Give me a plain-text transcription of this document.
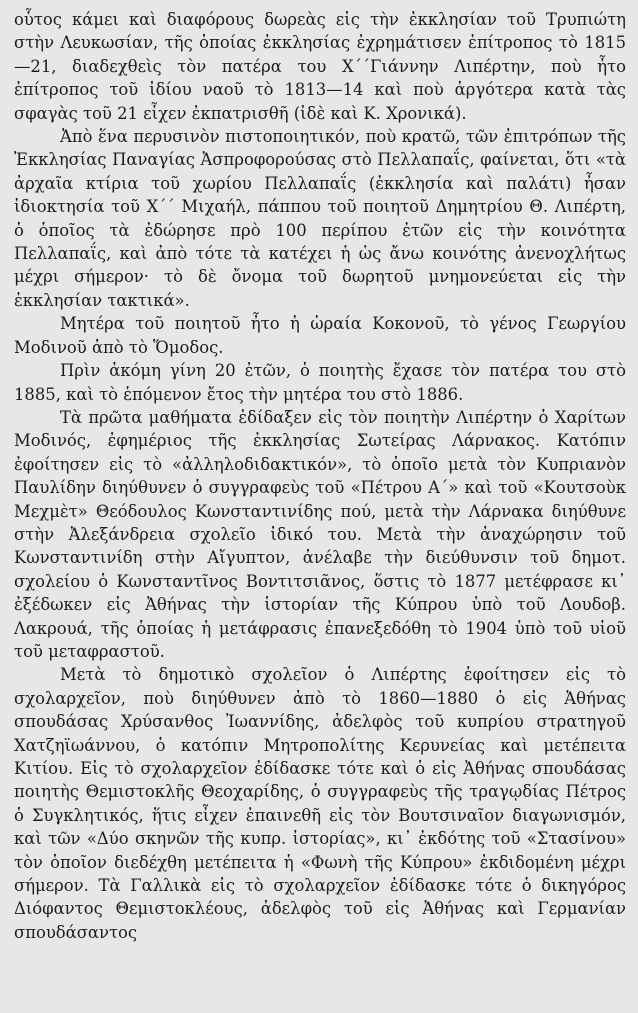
οὗτος κάμει καὶ διαφόρους δωρεὰς εἰς τὴν ἐκκλησίαν τοῦ Τρυπιώτη στὴν Λευκωσίαν, τῆς ὁποίας ἐκκλησίας ἐχρημάτισεν ἐπίτροπος τὸ 1815—21, διαδεχθεὶς τὸν πατέρα του Χ΄΄Γιάννην Λιπέρτην, ποὺ ἦτο ἐπίτροπος τοῦ ἰδίου ναοῦ τὸ 1813—14 καὶ ποὺ ἀργότερα κατὰ τὰς σφαγὰς τοῦ 21 εἶχεν ἐκπατρισθῆ (ἰδὲ καὶ Κ. Χρονικά).

Ἀπὸ ἕνα περυσινὸν πιστοποιητικόν, ποὺ κρατῶ, τῶν ἐπιτρόπων τῆς Ἐκκλησίας Παναγίας Ἀσπροφορούσας στὸ Πελλαπαΐς, φαίνεται, ὅτι «τὰ ἀρχαῖα κτίρια τοῦ χωρίου Πελλαπαΐς (ἐκκλησία καὶ παλάτι) ἦσαν ἰδιοκτησία τοῦ Χ΄΄ Μιχαήλ, πάππου τοῦ ποιητοῦ Δημητρίου Θ. Λιπέρτη, ὁ ὁποῖος τὰ ἐδώρησε πρὸ 100 περίπου ἐτῶν εἰς τὴν κοινότητα Πελλαπαΐς, καὶ ἀπὸ τότε τὰ κατέχει ἡ ὡς ἄνω κοινότης ἀνενοχλήτως μέχρι σήμερον· τὸ δὲ ὄνομα τοῦ δωρητοῦ μνημονεύεται εἰς τὴν ἐκκλησίαν τακτικά».

Μητέρα τοῦ ποιητοῦ ἦτο ἡ ὡραία Κοκονοῦ, τὸ γένος Γεωργίου Μοδινοῦ ἀπὸ τὸ Ὅμοδος.

Πρὶν ἀκόμη γίνη 20 ἐτῶν, ὁ ποιητὴς ἔχασε τὸν πατέρα του στὸ 1885, καὶ τὸ ἑπόμενον ἔτος τὴν μητέρα του στὸ 1886.

Τὰ πρῶτα μαθήματα ἐδίδαξεν εἰς τὸν ποιητὴν Λιπέρτην ὁ Χαρίτων Μοδινός, ἐφημέριος τῆς ἐκκλησίας Σωτείρας Λάρνακος. Κατόπιν ἐφοίτησεν εἰς τὸ «ἀλληλοδιδακτικόν», τὸ ὁποῖο μετὰ τὸν Κυπριανὸν Παυλίδην διηύθυνεν ὁ συγγραφεὺς τοῦ «Πέτρου Α΄» καὶ τοῦ «Κουτσοὺκ Μεχμὲτ» Θεόδουλος Κωνσταντινίδης πού, μετὰ τὴν Λάρνακα διηύθυνε στὴν Ἀλεξάνδρεια σχολεῖο ἰδικό του. Μετὰ τὴν ἀναχώρησιν τοῦ Κωνσταντινίδη στὴν Αἴγυπτον, ἀνέλαβε τὴν διεύθυνσιν τοῦ δημοτ. σχολείου ὁ Κωνσταντῖνος Βοντιτσιᾶνος, ὅστις τὸ 1877 μετέφρασε κι᾽ ἐξέδωκεν εἰς Ἀθήνας τὴν ἱστορίαν τῆς Κύπρου ὑπὸ τοῦ Λουδοβ. Λακρουά, τῆς ὁποίας ἡ μετάφρασις ἐπανεξεδόθη τὸ 1904 ὑπὸ τοῦ υἱοῦ τοῦ μεταφραστοῦ.

Μετὰ τὸ δημοτικὸ σχολεῖον ὁ Λιπέρτης ἐφοίτησεν εἰς τὸ σχολαρχεῖον, ποὺ διηύθυνεν ἀπὸ τὸ 1860—1880 ὁ εἰς Ἀθήνας σπουδάσας Χρύσανθος Ἰωαννίδης, ἀδελφὸς τοῦ κυπρίου στρατηγοῦ Χατζηϊωάννου, ὁ κατόπιν Μητροπολίτης Κερυνείας καὶ μετέπειτα Κιτίου. Εἰς τὸ σχολαρχεῖον ἐδίδασκε τότε καὶ ὁ εἰς Ἀθήνας σπουδάσας ποιητὴς Θεμιστοκλῆς Θεοχαρίδης, ὁ συγγραφεὺς τῆς τραγῳδίας Πέτρος ὁ Συγκλητικός, ἥτις εἶχεν ἐπαινεθῆ εἰς τὸν Βουτσιναῖον διαγωνισμόν, καὶ τῶν «Δύο σκηνῶν τῆς κυπρ. ἱστορίας», κι᾽ ἐκδότης τοῦ «Στασίνου» τὸν ὁποῖον διεδέχθη μετέπειτα ἡ «Φωνὴ τῆς Κύπρου» ἐκδιδομένη μέχρι σήμερον. Τὰ Γαλλικὰ εἰς τὸ σχολαρχεῖον ἐδίδασκε τότε ὁ δικηγόρος Διόφαντος Θεμιστοκλέους, ἀδελφὸς τοῦ εἰς Ἀθήνας καὶ Γερμανίαν σπουδάσαντος
